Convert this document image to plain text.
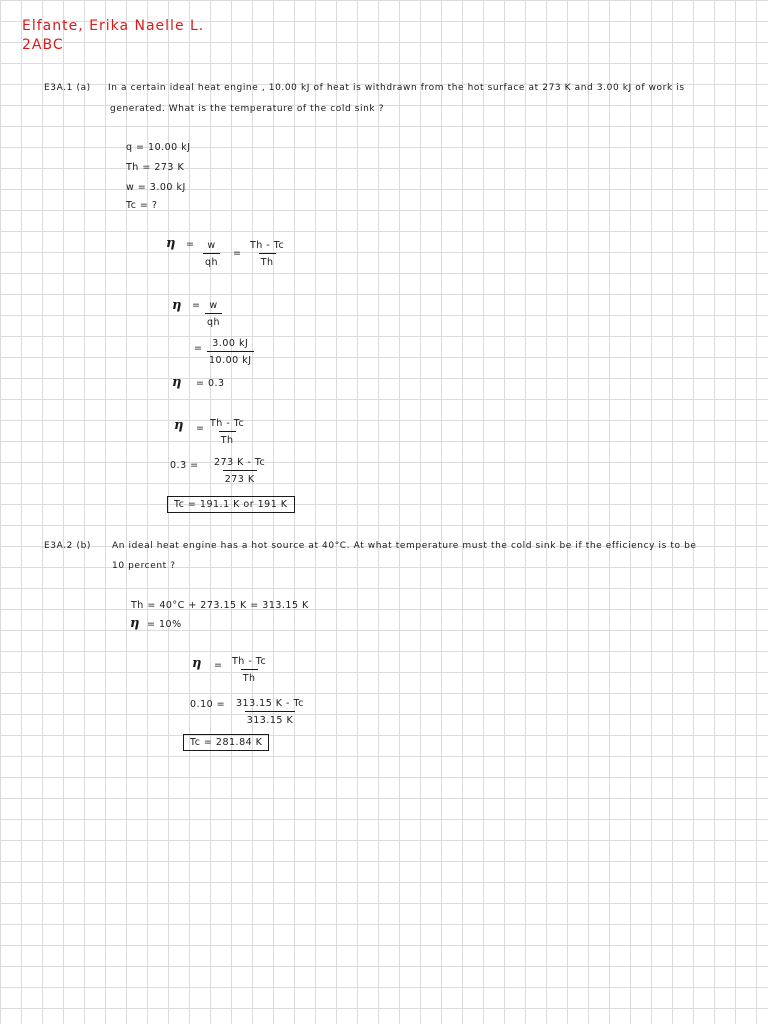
Elfante, Erika Naelle L.
2ABC
E3A.1 (a) In a certain ideal heat engine , 10.00 kJ of heat is withdrawn from the hot surface at 273 K and 3.00 kJ of work is
generated. What is the temperature of the cold sink ?
q = 10.00 kJ
Th = 273 K
w = 3.00 kJ
Tc = ?
$\eta = \frac{w}{qh} = \frac{Th - Tc}{Th}$
$\eta = \frac{w}{qh}$
= $\frac{3.00 kJ}{10.00 kJ}$
η = 0.3
$\eta = \frac{Th - Tc}{Th}$
$0.3 = \frac{273 K - Tc}{273 K}$
Tc = 191.1 K or 191 K
E3A.2 (b) An ideal heat engine has a hot source at 40°C. At what temperature must the cold sink be if the efficiency is to be
10 percent ?
Th = 40°C + 273.15 K = 313.15 K
η = 10%
$\eta = \frac{Th - Tc}{Th}$
$0.10 = \frac{313.15 K - Tc}{313.15 K}$
Tc = 281.84 K
